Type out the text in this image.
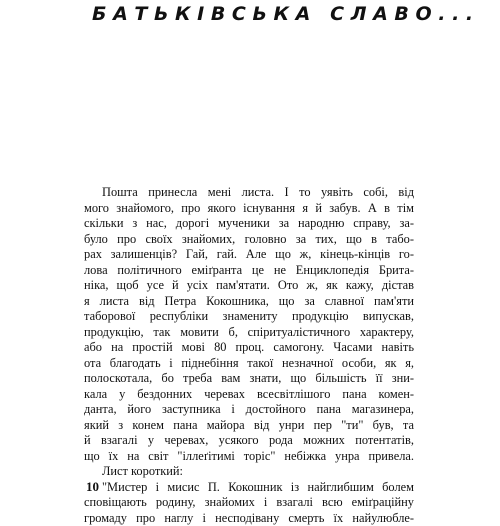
БАТЬКІВСЬКА СЛАВО...
Пошта принесла мені листа. І то уявіть собі, від
мого знайомого, про якого існування я й забув. А в тім
скільки з нас, дорогі мученики за народню справу, за-
було про своїх знайомих, головно за тих, що в табо-
рах залишенців? Гай, гай. Але що ж, кінець-кінців го-
лова політичного еміґранта це не Енциклопедія Брита-
ніка, щоб усе й усіх пам'ятати. Ото ж, як кажу, дістав
я листа від Петра Кокошника, що за славної пам'яти
таборової республіки знамениту продукцію випускав,
продукцію, так мовити б, спіритуалістичного характеру,
або на простій мові 80 проц. самогону. Часами навіть
ота благодать і піднебіння такої незначної особи, як я,
полоскотала, бо треба вам знати, що більшість її зни-
кала у бездонних черевах всесвітлішого пана комен-
данта, його заступника і достойного пана магазинера,
який з конем пана майора від унри пер "ти" був, та
й взагалі у черевах, усякого рода можних потентатів,
що їх на світ "іллеґітимі торіс" небіжка унра привела.
Лист короткий:
"Мистер і мисис П. Кокошник із найглибшим болем
сповіщають родину, знайомих і взагалі всю еміґраційну
громаду про наглу і несподівану смерть їх найулюбле-
10
